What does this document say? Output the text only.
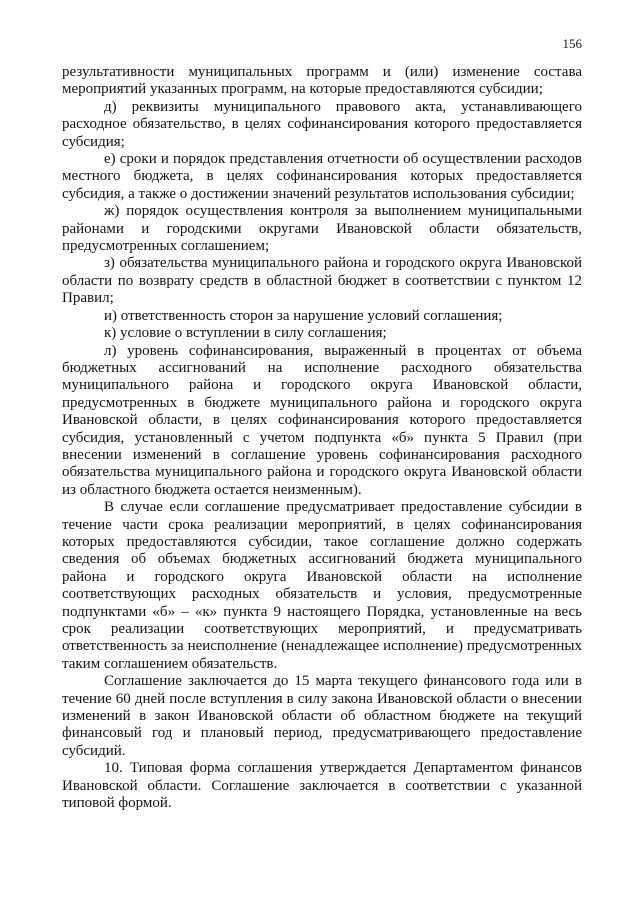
156

результативности муниципальных программ и (или) изменение состава мероприятий указанных программ, на которые предоставляются субсидии;

д) реквизиты муниципального правового акта, устанавливающего расходное обязательство, в целях софинансирования которого предоставляется субсидия;

е) сроки и порядок представления отчетности об осуществлении расходов местного бюджета, в целях софинансирования которых предоставляется субсидия, а также о достижении значений результатов использования субсидии;

ж) порядок осуществления контроля за выполнением муниципальными районами и городскими округами Ивановской области обязательств, предусмотренных соглашением;

з) обязательства муниципального района и городского округа Ивановской области по возврату средств в областной бюджет в соответствии с пунктом 12 Правил;

и) ответственность сторон за нарушение условий соглашения;

к) условие о вступлении в силу соглашения;

л) уровень софинансирования, выраженный в процентах от объема бюджетных ассигнований на исполнение расходного обязательства муниципального района и городского округа Ивановской области, предусмотренных в бюджете муниципального района и городского округа Ивановской области, в целях софинансирования которого предоставляется субсидия, установленный с учетом подпункта «б» пункта 5 Правил (при внесении изменений в соглашение уровень софинансирования расходного обязательства муниципального района и городского округа Ивановской области из областного бюджета остается неизменным).

В случае если соглашение предусматривает предоставление субсидии в течение части срока реализации мероприятий, в целях софинансирования которых предоставляются субсидии, такое соглашение должно содержать сведения об объемах бюджетных ассигнований бюджета муниципального района и городского округа Ивановской области на исполнение соответствующих расходных обязательств и условия, предусмотренные подпунктами «б» – «к» пункта 9 настоящего Порядка, установленные на весь срок реализации соответствующих мероприятий, и предусматривать ответственность за неисполнение (ненадлежащее исполнение) предусмотренных таким соглашением обязательств.

Соглашение заключается до 15 марта текущего финансового года или в течение 60 дней после вступления в силу закона Ивановской области о внесении изменений в закон Ивановской области об областном бюджете на текущий финансовый год и плановый период, предусматривающего предоставление субсидий.

10. Типовая форма соглашения утверждается Департаментом финансов Ивановской области. Соглашение заключается в соответствии с указанной типовой формой.
